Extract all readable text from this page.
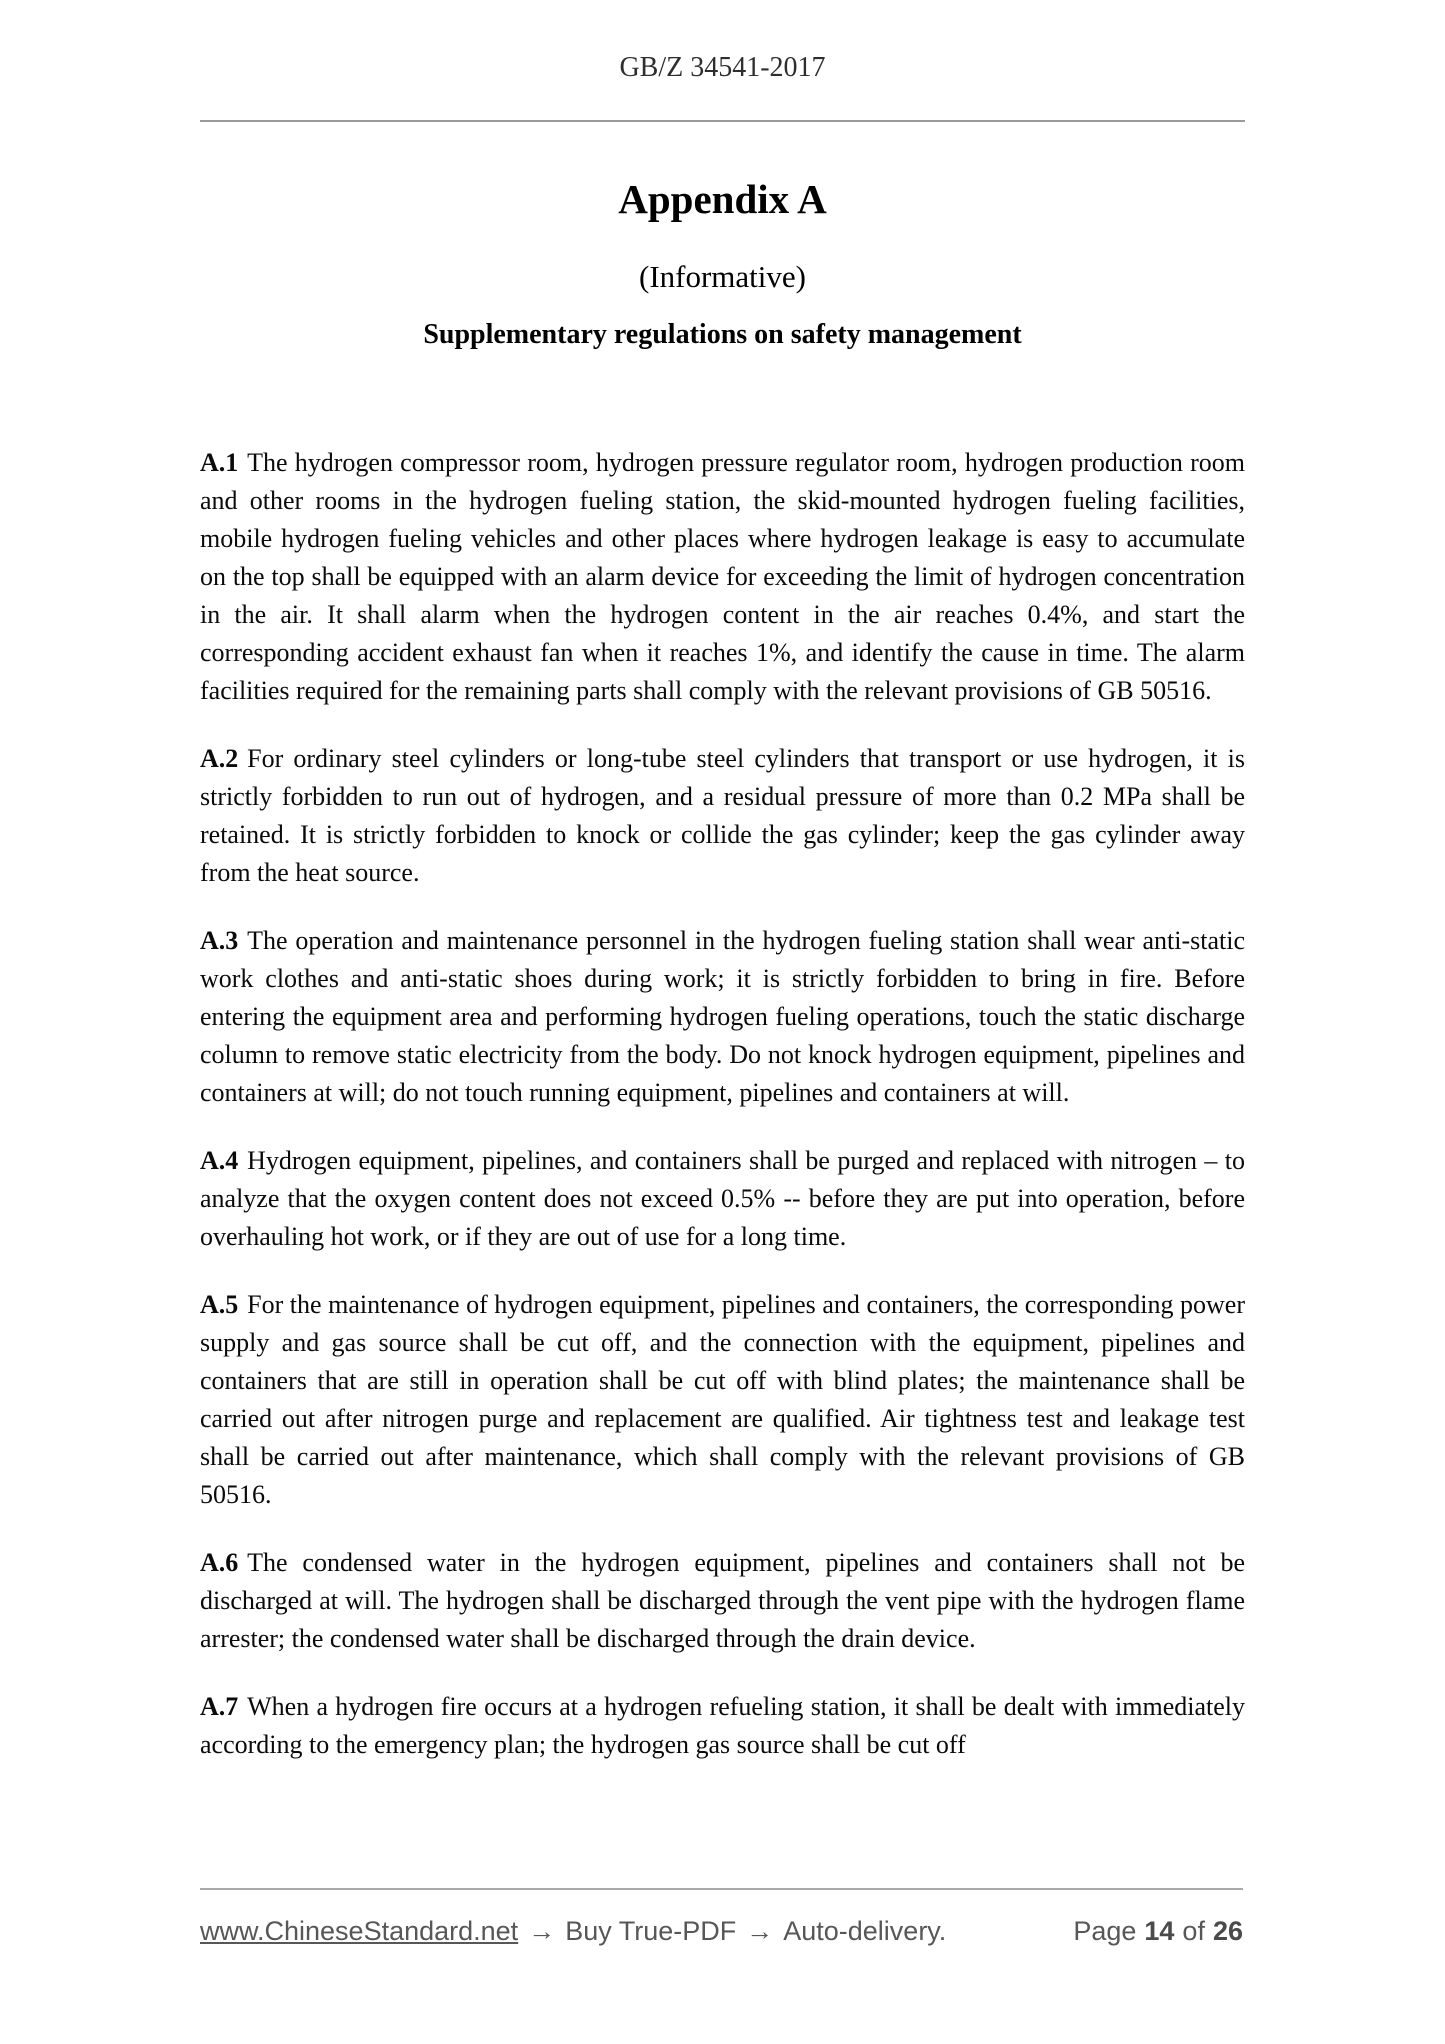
GB/Z 34541-2017
Appendix A
(Informative)
Supplementary regulations on safety management

A.1 The hydrogen compressor room, hydrogen pressure regulator room, hydrogen production room and other rooms in the hydrogen fueling station, the skid-mounted hydrogen fueling facilities, mobile hydrogen fueling vehicles and other places where hydrogen leakage is easy to accumulate on the top shall be equipped with an alarm device for exceeding the limit of hydrogen concentration in the air. It shall alarm when the hydrogen content in the air reaches 0.4%, and start the corresponding accident exhaust fan when it reaches 1%, and identify the cause in time. The alarm facilities required for the remaining parts shall comply with the relevant provisions of GB 50516.

A.2 For ordinary steel cylinders or long-tube steel cylinders that transport or use hydrogen, it is strictly forbidden to run out of hydrogen, and a residual pressure of more than 0.2 MPa shall be retained. It is strictly forbidden to knock or collide the gas cylinder; keep the gas cylinder away from the heat source.

A.3 The operation and maintenance personnel in the hydrogen fueling station shall wear anti-static work clothes and anti-static shoes during work; it is strictly forbidden to bring in fire. Before entering the equipment area and performing hydrogen fueling operations, touch the static discharge column to remove static electricity from the body. Do not knock hydrogen equipment, pipelines and containers at will; do not touch running equipment, pipelines and containers at will.

A.4 Hydrogen equipment, pipelines, and containers shall be purged and replaced with nitrogen – to analyze that the oxygen content does not exceed 0.5% -- before they are put into operation, before overhauling hot work, or if they are out of use for a long time.

A.5 For the maintenance of hydrogen equipment, pipelines and containers, the corresponding power supply and gas source shall be cut off, and the connection with the equipment, pipelines and containers that are still in operation shall be cut off with blind plates; the maintenance shall be carried out after nitrogen purge and replacement are qualified. Air tightness test and leakage test shall be carried out after maintenance, which shall comply with the relevant provisions of GB 50516.

A.6 The condensed water in the hydrogen equipment, pipelines and containers shall not be discharged at will. The hydrogen shall be discharged through the vent pipe with the hydrogen flame arrester; the condensed water shall be discharged through the drain device.

A.7 When a hydrogen fire occurs at a hydrogen refueling station, it shall be dealt with immediately according to the emergency plan; the hydrogen gas source shall be cut off

www.ChineseStandard.net → Buy True-PDF → Auto-delivery.	Page 14 of 26
